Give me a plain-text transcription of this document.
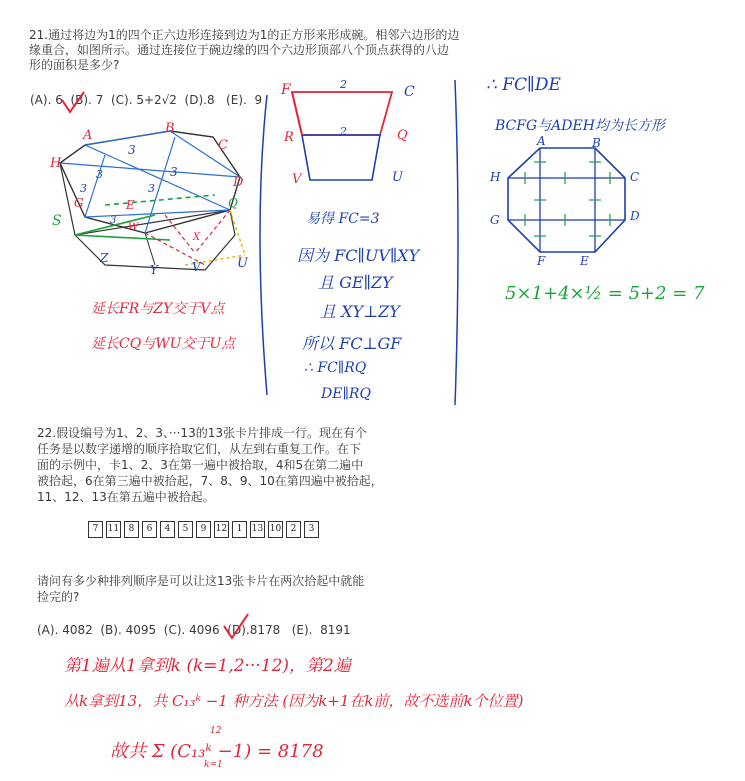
21.通过将边为1的四个正六边形连接到边为1的正方形来形成碗。相邻六边形的边
缘重合，如图所示。通过连接位于碗边缘的四个六边形顶部八个顶点获得的八边
形的面积是多少?
(A). 6  (B). 7  (C). 5+2√2  (D).8   (E).  9
A	B
H
C
D
G
S
Z
Y	V	U
W
X
E	Q
3
3
3
3	3
3
延长FR与ZY交于V点
延长CQ与WU交于U点
F	C
R	Q
V	U
2
2
易得 FC=3
因为 FC∥UV∥XY
且 GE∥ZY
且 XY⊥ZY
所以 FC⊥GF
∴ FC∥RQ
DE∥RQ
∴ FC∥DE
BCFG与ADEH均为长方形
A	B
H	C
G	D
F	E
5×1+4×½ = 5+2 = 7
22.假设编号为1、2、3、···13的13张卡片排成一行。现在有个
任务是以数字递增的顺序拾取它们，从左到右重复工作。在下
面的示例中，卡1、2、3在第一遍中被拾取，4和5在第二遍中
被拾起，6在第三遍中被拾起，7、8、9、10在第四遍中被拾起，
11、12、13在第五遍中被拾起。
7	11	8	6	4	5	9	12	1	13 10	2	3
请问有多少种排列顺序是可以让这13张卡片在两次拾起中就能
捡完的?
(A). 4082  (B). 4095  (C). 4096  (D).8178   (E).  8191
第1遍从1拿到k (k=1,2···12)，第2遍
从k拿到13，共 C₁₃ᵏ −1 种方法 (因为k+1在k前，故不选前k个位置)
故共 Σ (C₁₃ᵏ −1) = 8178
12
k=1
